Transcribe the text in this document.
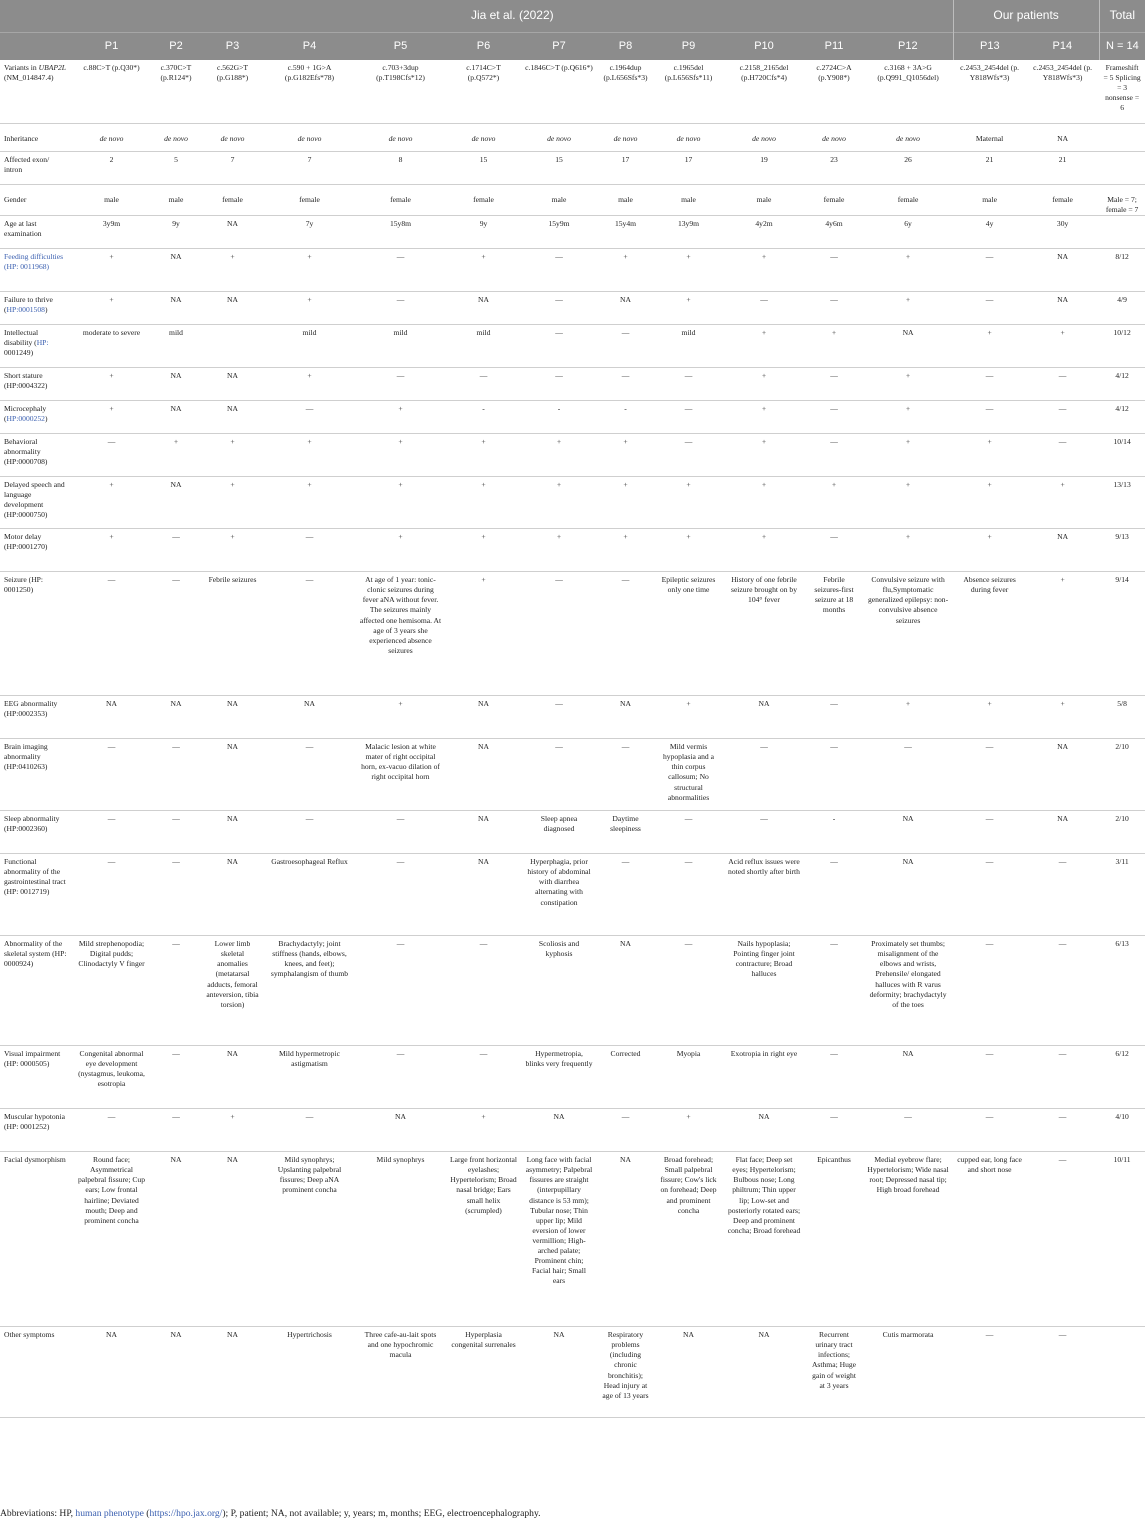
	Jia et al. (2022)												Our patients		Total
	P1	P2	P3	P4	P5	P6	P7	P8	P9	P10	P11	P12	P13	P14	N = 14
Variants in UBAP2L (NM_014847.4)	c.88C>T (p.Q30*)	c.370C>T (p.R124*)	c.562G>T (p.G188*)	c.590 + 1G>A (p.G182Efs*78)	c.703+3dup (p.T198Cfs*12)	c.1714C>T (p.Q572*)	c.1846C>T (p.Q616*)	c.1964dup (p.L656Sfs*3)	c.1965del (p.L656Sfs*11)	c.2158_2165del (p.H720Cfs*4)	c.2724C>A (p.Y908*)	c.3168 + 3A>G (p.Q991_Q1056del)	c.2453_2454del (p. Y818Wfs*3)	c.2453_2454del (p. Y818Wfs*3)	Frameshift = 5 Splicing = 3 nonsense = 6
Inheritance	de novo	de novo	de novo	de novo	de novo	de novo	de novo	de novo	de novo	de novo	de novo	de novo	Maternal	NA	
Affected exon/ intron	2	5	7	7	8	15	15	17	17	19	23	26	21	21	
Gender	male	male	female	female	female	female	male	male	male	male	female	female	male	female	Male = 7; female = 7
Age at last examination	3y9m	9y	NA	7y	15y8m	9y	15y9m	15y4m	13y9m	4y2m	4y6m	6y	4y	30y	
Feeding difficulties (HP: 0011968)	+	NA	+	+	—	+	—	+	+	+	—	+	—	NA	8/12
Failure to thrive (HP:0001508)	+	NA	NA	+	—	NA	—	NA	+	—	—	+	—	NA	4/9
Intellectual disability (HP: 0001249)	moderate to severe	mild		mild	mild	mild	—	—	mild	+	+	NA	+	+	10/12
Short stature (HP:0004322)	+	NA	NA	+	—	—	—	—	—	+	—	+	—	—	4/12
Microcephaly (HP:0000252)	+	NA	NA	—	+	-	-	-	—	+	—	+	—	—	4/12
Behavioral abnormality (HP:0000708)	—	+	+	+	+	+	+	+	—	+	—	+	+	—	10/14
Delayed speech and language development (HP:0000750)	+	NA	+	+	+	+	+	+	+	+	+	+	+	+	13/13
Motor delay (HP:0001270)	+	—	+	—	+	+	+	+	+	+	—	+	+	NA	9/13
Seizure (HP: 0001250)	—	—	Febrile seizures	—	At age of 1 year: tonic-clonic seizures during fever aNA without fever. The seizures mainly affected one hemisoma. At age of 3 years she experienced absence seizures	+	—	—	Epileptic seizures only one time	History of one febrile seizure brought on by 104° fever	Febrile seizures-first seizure at 18 months	Convulsive seizure with flu,Symptomatic generalized epilepsy: non-convulsive absence seizures	Absence seizures during fever	+	9/14
EEG abnormality (HP:0002353)	NA	NA	NA	NA	+	NA	—	NA	+	NA	—	+	+	+	5/8
Brain imaging abnormality (HP:0410263)	—	—	NA	—	Malacic lesion at white mater of right occipital horn, ex-vacuo dilation of right occipital horn	NA	—	—	Mild vermis hypoplasia and a thin corpus callosum; No structural abnormalities	—	—	—	—	NA	2/10
Sleep abnormality (HP:0002360)	—	—	NA	—	—	NA	Sleep apnea diagnosed	Daytime sleepiness	—	—	-	NA	—	NA	2/10
Functional abnormality of the gastrointestinal tract (HP: 0012719)	—	—	NA	Gastroesophageal Reflux	—	NA	Hyperphagia, prior history of abdominal with diarrhea alternating with constipation	—	—	Acid reflux issues were noted shortly after birth	—	NA	—	—	3/11
Abnormality of the skeletal system (HP: 0000924)	Mild strephenopodia; Digital pudds; Clinodactyly V finger	—	Lower limb skeletal anomalies (metatarsal adducts, femoral anteversion, tibia torsion)	Brachydactyly; joint stiffness (hands, elbows, knees, and feet); symphalangism of thumb	—	—	Scoliosis and kyphosis	NA	—	Nails hypoplasia; Pointing finger joint contracture; Broad halluces	—	Proximately set thumbs; misalignment of the elbows and wrists, Prehensile/ elongated halluces with R varus deformity; brachydactyly of the toes	—	—	6/13
Visual impairment (HP: 0000505)	Congenital abnormal eye development (nystagmus, leukoma, esotropia	—	NA	Mild hypermetropic astigmatism	—	—	Hypermetropia, blinks very frequently	Corrected	Myopia	Exotropia in right eye	—	NA	—	—	6/12
Muscular hypotonia (HP: 0001252)	—	—	+	—	NA	+	NA	—	+	NA	—	—	—	—	4/10
Facial dysmorphism	Round face; Asymmetrical palpebral fissure; Cup ears; Low frontal hairline; Deviated mouth; Deep and prominent concha	NA	NA	Mild synophrys; Upslanting palpebral fissures; Deep aNA prominent concha	Mild synophrys	Large front horizontal eyelashes; Hypertelorism; Broad nasal bridge; Ears small helix (scrumpled)	Long face with facial asymmetry; Palpebral fissures are straight (interpupillary distance is 53 mm); Tubular nose; Thin upper lip; Mild eversion of lower vermillion; High-arched palate; Prominent chin; Facial hair; Small ears	NA	Broad forehead; Small palpebral fissure; Cow's lick on forehead; Deep and prominent concha	Flat face; Deep set eyes; Hypertelorism; Bulbous nose; Long philtrum; Thin upper lip; Low-set and posteriorly rotated ears; Deep and prominent concha; Broad forehead	Epicanthus	Medial eyebrow flare; Hypertelorism; Wide nasal root; Depressed nasal tip; High broad forehead	cupped ear, long face and short nose	—	10/11
Other symptoms	NA	NA	NA	Hypertrichosis	Three cafe-au-lait spots and one hypochromic macula	Hyperplasia congenital surrenales	NA	Respiratory problems (including chronic bronchitis); Head injury at age of 13 years	NA	NA	Recurrent urinary tract infections; Asthma; Huge gain of weight at 3 years	Cutis marmorata	—	—	
Abbreviations: HP, human phenotype (https://hpo.jax.org/); P, patient; NA, not available; y, years; m, months; EEG, electroencephalography.
